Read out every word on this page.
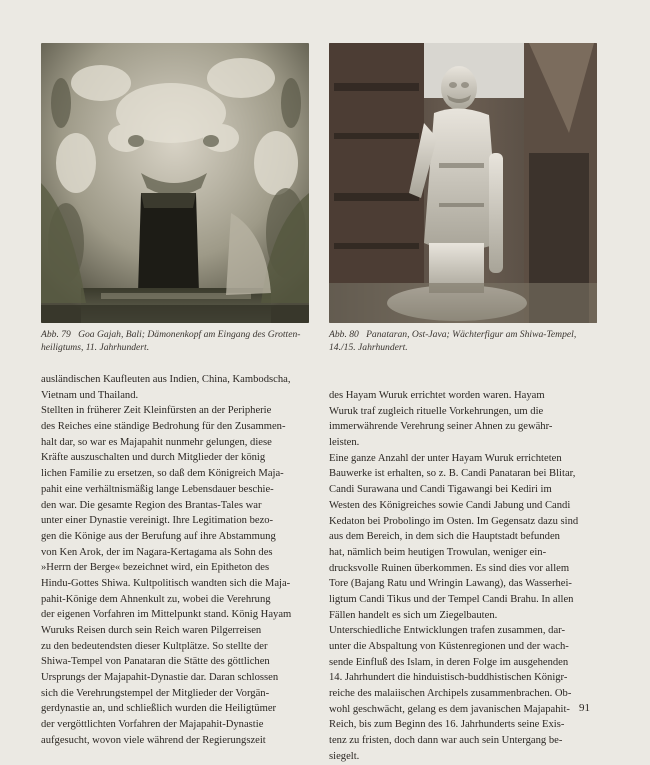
Abb. 79 Goa Gajah, Bali; Dämonenkopf am Eingang des Grotten-
heiligtums, 11. Jahrhundert.
Abb. 80 Panataran, Ost-Java; Wächterfigur am Shiwa-Tempel,
14./15. Jahrhundert.
ausländischen Kaufleuten aus Indien, China, Kambodscha,
Vietnam und Thailand.
Stellten in früherer Zeit Kleinfürsten an der Peripherie
des Reiches eine ständige Bedrohung für den Zusammen-
halt dar, so war es Majapahit nunmehr gelungen, diese
Kräfte auszuschalten und durch Mitglieder der könig
lichen Familie zu ersetzen, so daß dem Königreich Maja-
pahit eine verhältnismäßig lange Lebensdauer beschie-
den war. Die gesamte Region des Brantas-Tales war
unter einer Dynastie vereinigt. Ihre Legitimation bezo-
gen die Könige aus der Berufung auf ihre Abstammung
von Ken Arok, der im Nagara-Kertagama als Sohn des
»Herrn der Berge« bezeichnet wird, ein Epitheton des
Hindu-Gottes Shiwa. Kultpolitisch wandten sich die Maja-
pahit-Könige dem Ahnenkult zu, wobei die Verehrung
der eigenen Vorfahren im Mittelpunkt stand. König Hayam
Wuruks Reisen durch sein Reich waren Pilgerreisen
zu den bedeutendsten dieser Kultplätze. So stellte der
Shiwa-Tempel von Panataran die Stätte des göttlichen
Ursprungs der Majapahit-Dynastie dar. Daran schlossen
sich die Verehrungstempel der Mitglieder der Vorgän-
gerdynastie an, und schließlich wurden die Heiligtümer
der vergöttlichten Vorfahren der Majapahit-Dynastie
aufgesucht, wovon viele während der Regierungszeit
des Hayam Wuruk errichtet worden waren. Hayam
Wuruk traf zugleich rituelle Vorkehrungen, um die
immerwährende Verehrung seiner Ahnen zu gewähr-
leisten.
Eine ganze Anzahl der unter Hayam Wuruk errichteten
Bauwerke ist erhalten, so z. B. Candi Panataran bei Blitar,
Candi Surawana und Candi Tigawangi bei Kediri im
Westen des Königreiches sowie Candi Jabung und Candi
Kedaton bei Probolingo im Osten. Im Gegensatz dazu sind
aus dem Bereich, in dem sich die Hauptstadt befunden
hat, nämlich beim heutigen Trowulan, weniger ein-
drucksvolle Ruinen überkommen. Es sind dies vor allem
Tore (Bajang Ratu und Wringin Lawang), das Wasserhei-
ligtum Candi Tikus und der Tempel Candi Brahu. In allen
Fällen handelt es sich um Ziegelbauten.
Unterschiedliche Entwicklungen trafen zusammen, dar-
unter die Abspaltung von Küstenregionen und der wach-
sende Einfluß des Islam, in deren Folge im ausgehenden
14. Jahrhundert die hinduistisch-buddhistischen Königr-
reiche des malaiischen Archipels zusammenbrachen. Ob-
wohl geschwächt, gelang es dem javanischen Majapahit-
Reich, bis zum Beginn des 16. Jahrhunderts seine Exis-
tenz zu fristen, doch dann war auch sein Untergang be-
siegelt.
91
